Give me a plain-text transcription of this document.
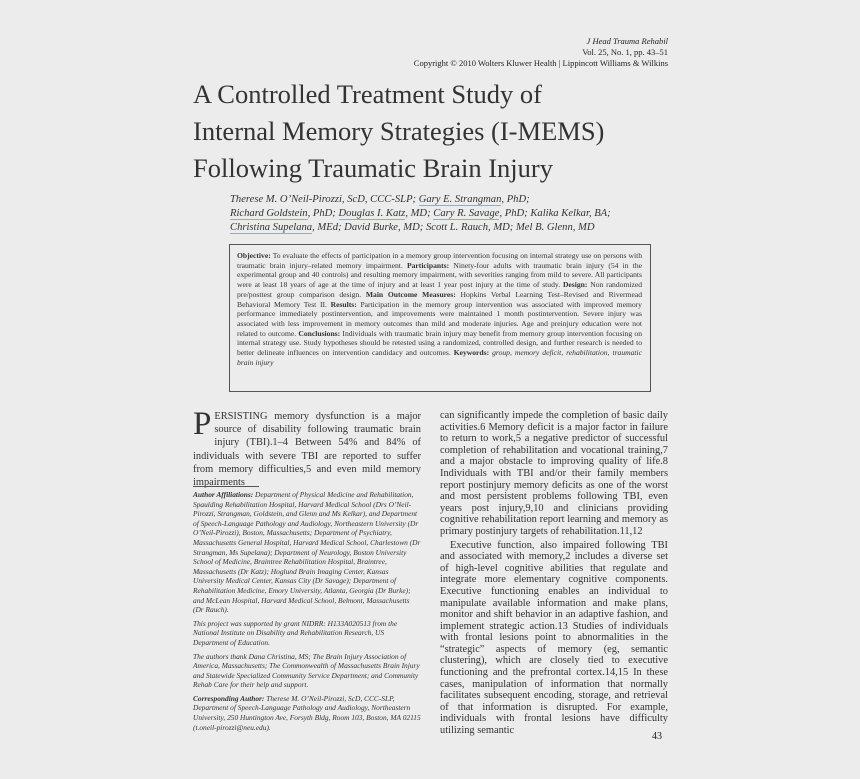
J Head Trauma Rehabil
Vol. 25, No. 1, pp. 43–51
Copyright © 2010 Wolters Kluwer Health | Lippincott Williams & Wilkins
A Controlled Treatment Study of
Internal Memory Strategies (I-MEMS)
Following Traumatic Brain Injury
Therese M. O’Neil-Pirozzi, ScD, CCC-SLP; Gary E. Strangman, PhD;
Richard Goldstein, PhD; Douglas I. Katz, MD; Cary R. Savage, PhD; Kalika Kelkar, BA;
Christina Supelana, MEd; David Burke, MD; Scott L. Rauch, MD; Mel B. Glenn, MD

Objective: To evaluate the effects of participation in a memory group intervention focusing on internal strategy use on persons with traumatic brain injury–related memory impairment. Participants: Ninety-four adults with traumatic brain injury (54 in the experimental group and 40 controls) and resulting memory impairment, with severities ranging from mild to severe. All participants were at least 18 years of age at the time of injury and at least 1 year post injury at the time of study. Design: Non randomized pre/posttest group comparison design. Main Outcome Measures: Hopkins Verbal Learning Test–Revised and Rivermead Behavioral Memory Test II. Results: Participation in the memory group intervention was associated with improved memory performance immediately postintervention, and improvements were maintained 1 month postintervention. Severe injury was associated with less improvement in memory outcomes than mild and moderate injuries. Age and preinjury education were not related to outcome. Conclusions: Individuals with traumatic brain injury may benefit from memory group intervention focusing on internal strategy use. Study hypotheses should be retested using a randomized, controlled design, and further research is needed to better delineate influences on intervention candidacy and outcomes. Keywords: group, memory deficit, rehabilitation, traumatic brain injury

PERSISTING memory dysfunction is a major source of disability following traumatic brain injury (TBI).1–4 Between 54% and 84% of individuals with severe TBI are reported to suffer from memory difficulties,5 and even mild memory impairments

Author Affiliations: Department of Physical Medicine and Rehabilitation, Spaulding Rehabilitation Hospital, Harvard Medical School (Drs O’Neil-Pirozzi, Strangman, Goldstein, and Glenn and Ms Kelkar), and Department of Speech-Language Pathology and Audiology, Northeastern University (Dr O’Neil-Pirozzi), Boston, Massachusetts; Department of Psychiatry, Massachusetts General Hospital, Harvard Medical School, Charlestown (Dr Strangman, Ms Supelana); Department of Neurology, Boston University School of Medicine, Braintree Rehabilitation Hospital, Braintree, Massachusetts (Dr Katz); Hoglund Brain Imaging Center, Kansas University Medical Center, Kansas City (Dr Savage); Department of Rehabilitation Medicine, Emory University, Atlanta, Georgia (Dr Burke); and McLean Hospital, Harvard Medical School, Belmont, Massachusetts (Dr Rauch).

This project was supported by grant NIDRR: H133A020513 from the National Institute on Disability and Rehabilitation Research, US Department of Education.

The authors thank Dana Christina, MS; The Brain Injury Association of America, Massachusetts; The Commonwealth of Massachusetts Brain Injury and Statewide Specialized Community Service Department; and Community Rehab Care for their help and support.

Corresponding Author: Therese M. O’Neil-Pirozzi, ScD, CCC-SLP, Department of Speech-Language Pathology and Audiology, Northeastern University, 250 Huntington Ave, Forsyth Bldg, Room 103, Boston, MA 02115 (t.oneil-pirozzi@neu.edu).

can significantly impede the completion of basic daily activities.6 Memory deficit is a major factor in failure to return to work,5 a negative predictor of successful completion of rehabilitation and vocational training,7 and a major obstacle to improving quality of life.8 Individuals with TBI and/or their family members report postinjury memory deficits as one of the worst and most persistent problems following TBI, even years post injury,9,10 and clinicians providing cognitive rehabilitation report learning and memory as primary postinjury targets of rehabilitation.11,12

Executive function, also impaired following TBI and associated with memory,2 includes a diverse set of high-level cognitive abilities that regulate and integrate more elementary cognitive components. Executive functioning enables an individual to manipulate available information and make plans, monitor and shift behavior in an adaptive fashion, and implement strategic action.13 Studies of individuals with frontal lesions point to abnormalities in the “strategic” aspects of memory (eg, semantic clustering), which are closely tied to executive functioning and the prefrontal cortex.14,15 In these cases, manipulation of information that normally facilitates subsequent encoding, storage, and retrieval of that information is disrupted. For example, individuals with frontal lesions have difficulty utilizing semantic

43
